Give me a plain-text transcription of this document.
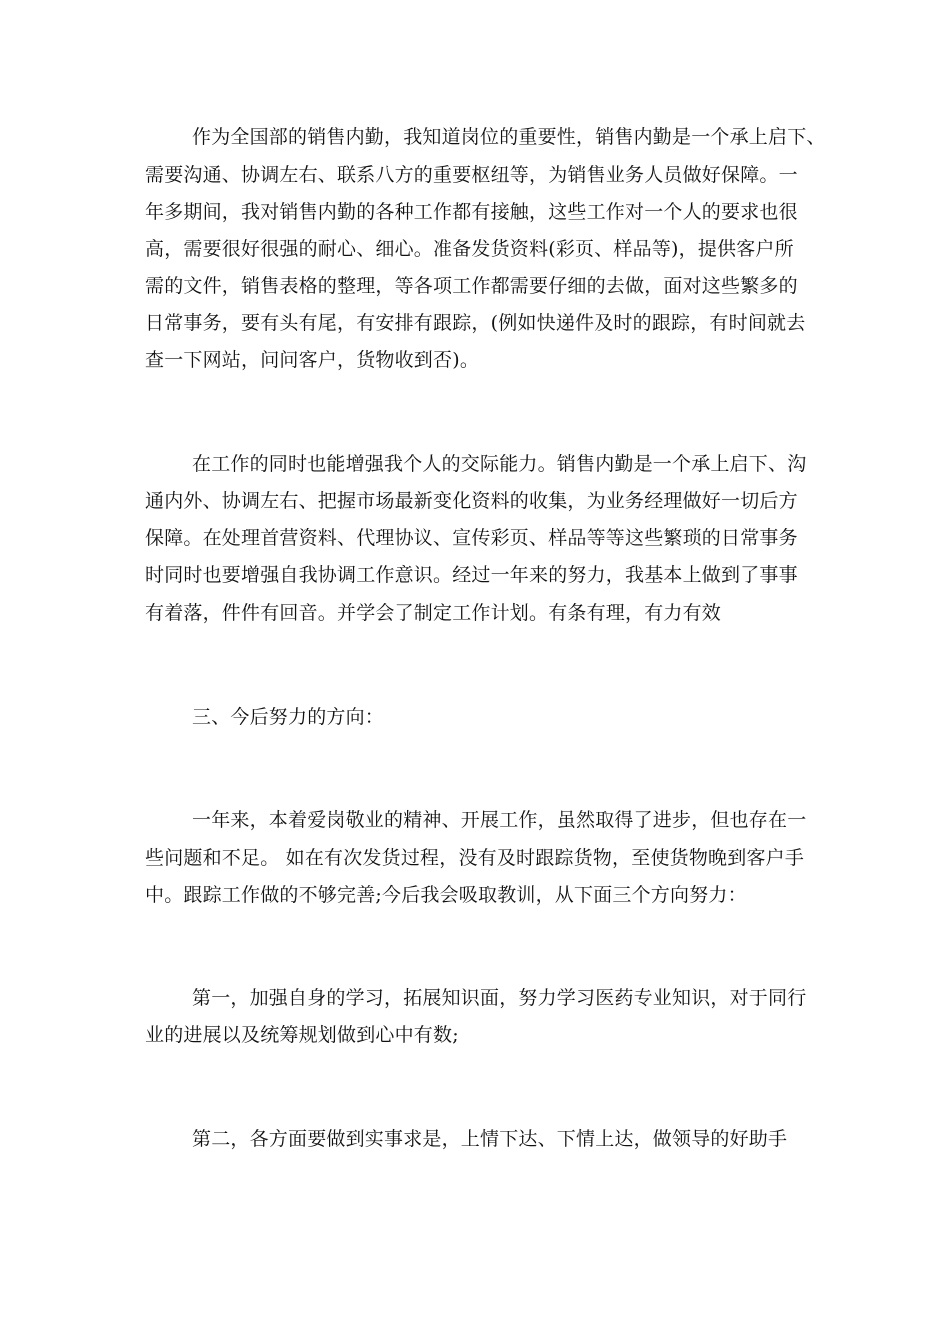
作为全国部的销售内勤，我知道岗位的重要性，销售内勤是一个承上启下、
需要沟通、协调左右、联系八方的重要枢纽等，为销售业务人员做好保障。一
年多期间，我对销售内勤的各种工作都有接触，这些工作对一个人的要求也很
高，需要很好很强的耐心、细心。准备发货资料(彩页、样品等)，提供客户所
需的文件，销售表格的整理，等各项工作都需要仔细的去做，面对这些繁多的
日常事务，要有头有尾，有安排有跟踪，(例如快递件及时的跟踪，有时间就去
查一下网站，问问客户，货物收到否)。
在工作的同时也能增强我个人的交际能力。销售内勤是一个承上启下、沟
通内外、协调左右、把握市场最新变化资料的收集，为业务经理做好一切后方
保障。在处理首营资料、代理协议、宣传彩页、样品等等这些繁琐的日常事务
时同时也要增强自我协调工作意识。经过一年来的努力，我基本上做到了事事
有着落，件件有回音。并学会了制定工作计划。有条有理，有力有效
三、今后努力的方向：
一年来，本着爱岗敬业的精神、开展工作，虽然取得了进步，但也存在一
些问题和不足。 如在有次发货过程，没有及时跟踪货物，至使货物晚到客户手
中。跟踪工作做的不够完善;今后我会吸取教训，从下面三个方向努力：
第一，加强自身的学习，拓展知识面，努力学习医药专业知识，对于同行
业的进展以及统筹规划做到心中有数;
第二，各方面要做到实事求是，上情下达、下情上达，做领导的好助手
